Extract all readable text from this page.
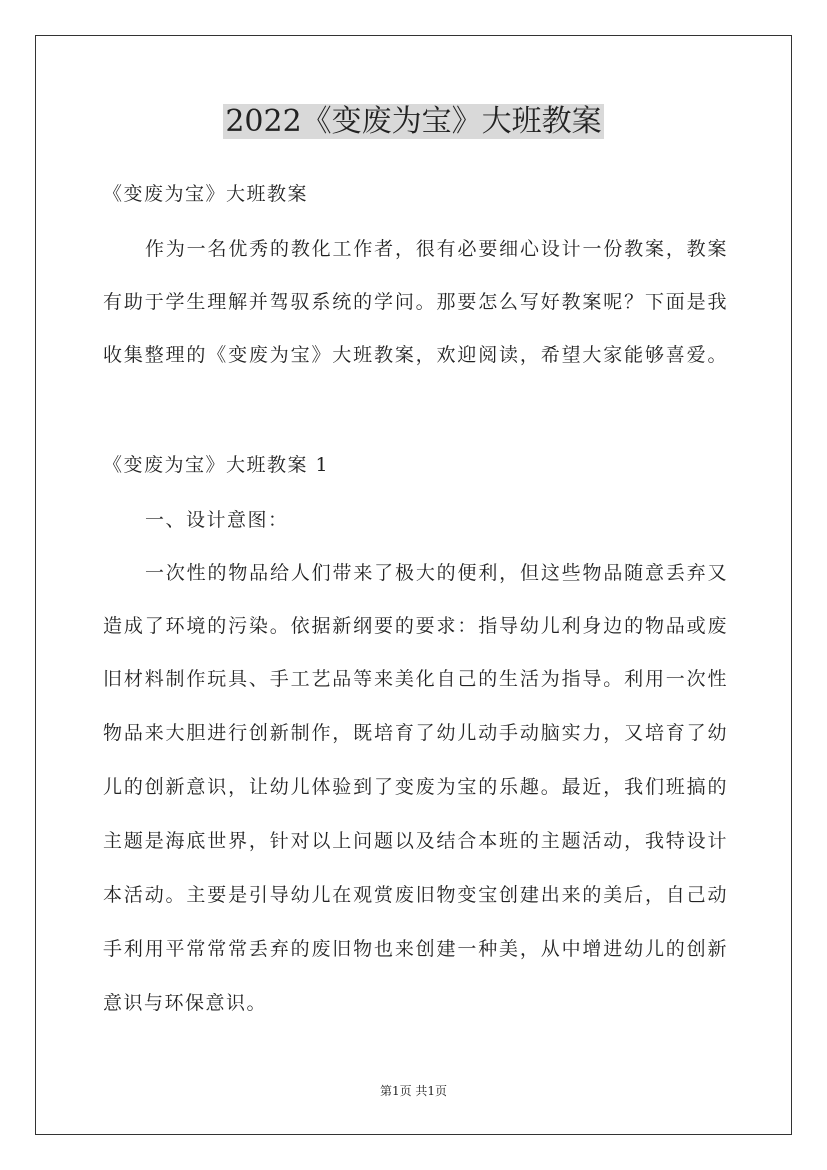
2022《变废为宝》大班教案
《变废为宝》大班教案
作为一名优秀的教化工作者，很有必要细心设计一份教案，教案
有助于学生理解并驾驭系统的学问。那要怎么写好教案呢？下面是我
收集整理的《变废为宝》大班教案，欢迎阅读，希望大家能够喜爱。
《变废为宝》大班教案 1
一、设计意图：
一次性的物品给人们带来了极大的便利，但这些物品随意丢弃又
造成了环境的污染。依据新纲要的要求：指导幼儿利身边的物品或废
旧材料制作玩具、手工艺品等来美化自己的生活为指导。利用一次性
物品来大胆进行创新制作，既培育了幼儿动手动脑实力，又培育了幼
儿的创新意识，让幼儿体验到了变废为宝的乐趣。最近，我们班搞的
主题是海底世界，针对以上问题以及结合本班的主题活动，我特设计
本活动。主要是引导幼儿在观赏废旧物变宝创建出来的美后，自己动
手利用平常常常丢弃的废旧物也来创建一种美，从中增进幼儿的创新
意识与环保意识。
第1页 共1页
